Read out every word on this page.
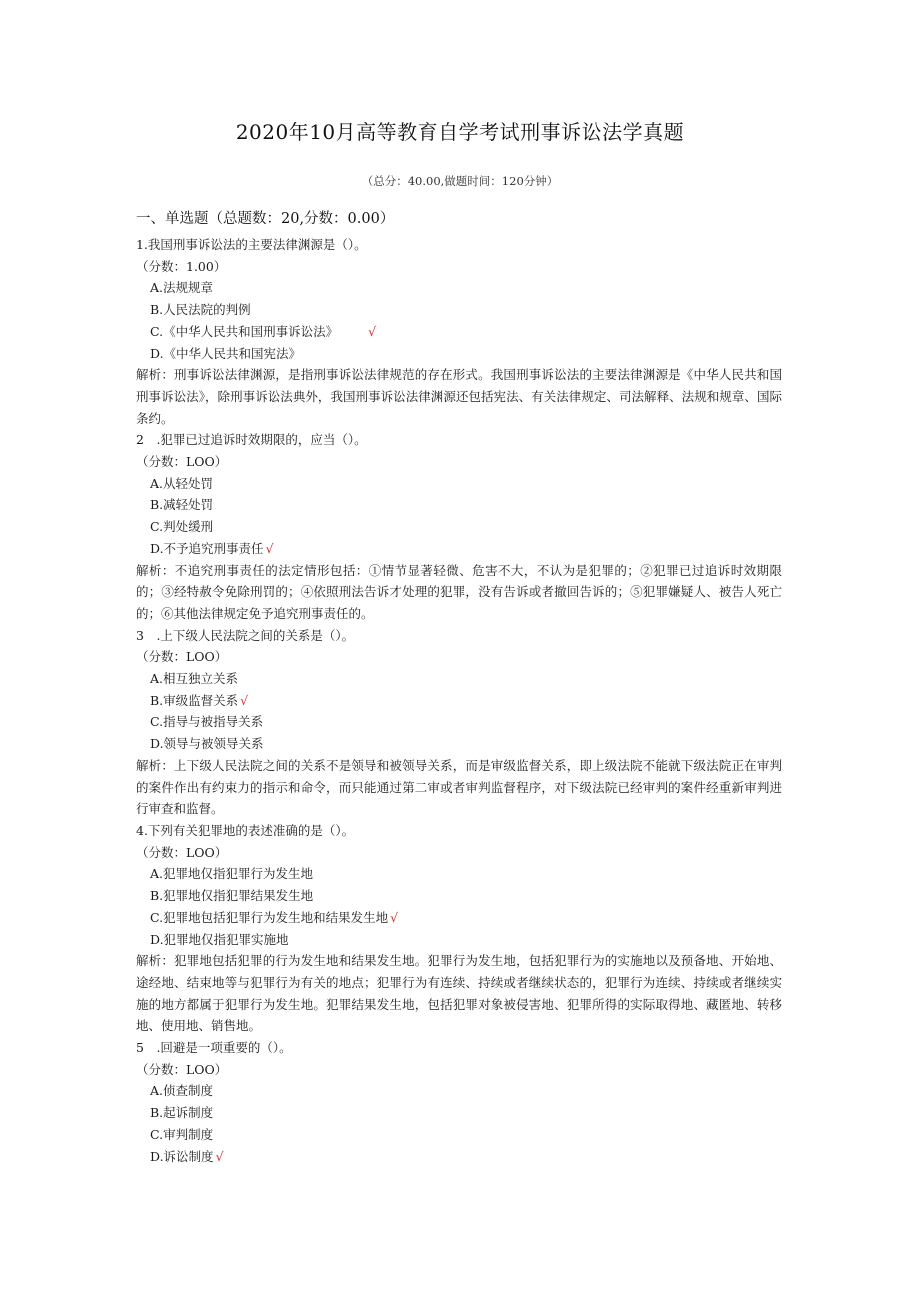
2020年10月高等教育自学考试刑事诉讼法学真题
（总分：40.00,做题时间：120分钟）
一、单选题（总题数：20,分数：0.00）
1.我国刑事诉讼法的主要法律渊源是（）。
（分数：1.00）
A.法规规章
B.人民法院的判例
C.《中华人民共和国刑事诉讼法》 √
D.《中华人民共和国宪法》
解析：刑事诉讼法律渊源，是指刑事诉讼法律规范的存在形式。我国刑事诉讼法的主要法律渊源是《中华人民共和国刑事诉讼法》，除刑事诉讼法典外，我国刑事诉讼法律渊源还包括宪法、有关法律规定、司法解释、法规和规章、国际条约。
2　.犯罪已过追诉时效期限的，应当（）。
（分数：LOO）
A.从轻处罚
B.减轻处罚
C.判处缓刑
D.不予追究刑事责任 √
解析：不追究刑事责任的法定情形包括：①情节显著轻微、危害不大，不认为是犯罪的；②犯罪已过追诉时效期限的；③经特赦令免除刑罚的；④依照刑法告诉才处理的犯罪，没有告诉或者撤回告诉的；⑤犯罪嫌疑人、被告人死亡的；⑥其他法律规定免予追究刑事责任的。
3　.上下级人民法院之间的关系是（）。
（分数：LOO）
A.相互独立关系
B.审级监督关系 √
C.指导与被指导关系
D.领导与被领导关系
解析：上下级人民法院之间的关系不是领导和被领导关系，而是审级监督关系，即上级法院不能就下级法院正在审判的案件作出有约束力的指示和命令，而只能通过第二审或者审判监督程序，对下级法院已经审判的案件经重新审判进行审查和监督。
4.下列有关犯罪地的表述准确的是（）。
（分数：LOO）
A.犯罪地仅指犯罪行为发生地
B.犯罪地仅指犯罪结果发生地
C.犯罪地包括犯罪行为发生地和结果发生地 √
D.犯罪地仅指犯罪实施地
解析：犯罪地包括犯罪的行为发生地和结果发生地。犯罪行为发生地，包括犯罪行为的实施地以及预备地、开始地、途经地、结束地等与犯罪行为有关的地点；犯罪行为有连续、持续或者继续状态的，犯罪行为连续、持续或者继续实施的地方都属于犯罪行为发生地。犯罪结果发生地，包括犯罪对象被侵害地、犯罪所得的实际取得地、藏匿地、转移地、使用地、销售地。
5　.回避是一项重要的（）。
（分数：LOO）
A.侦查制度
B.起诉制度
C.审判制度
D.诉讼制度 √
